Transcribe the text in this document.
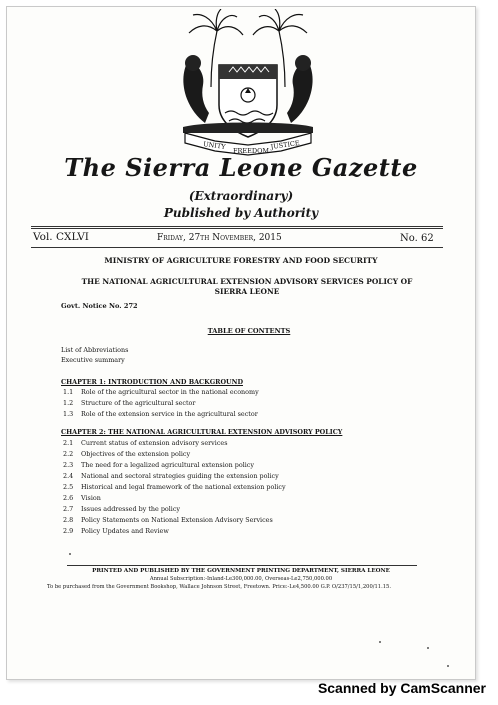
UNITY FREEDOM
JUSTICE
The Sierra Leone Gazette
(Extraordinary)
Published by Authority
Vol. CXLVI	Friday, 27th November, 2015	No. 62
MINISTRY OF AGRICULTURE FORESTRY AND FOOD SECURITY
THE NATIONAL AGRICULTURAL EXTENSION ADVISORY SERVICES POLICY OF
SIERRA LEONE
Govt. Notice No. 272
TABLE OF CONTENTS
List of Abbreviations
Executive summary
CHAPTER 1: INTRODUCTION AND BACKGROUND
1.1 Role of the agricultural sector in the national economy
1.2 Structure of the agricultural sector
1.3 Role of the extension service in the agricultural sector
CHAPTER 2: THE NATIONAL AGRICULTURAL EXTENSION ADVISORY POLICY
2.1 Current status of extension advisory services
2.2 Objectives of the extension policy
2.3 The need for a legalized agricultural extension policy
2.4 National and sectoral strategies guiding the extension policy
2.5 Historical and legal framework of the national extension policy
2.6 Vision
2.7 Issues addressed by the policy
2.8 Policy Statements on National Extension Advisory Services
2.9 Policy Updates and Review
PRINTED AND PUBLISHED BY THE GOVERNMENT PRINTING DEPARTMENT, SIERRA LEONE
Annual Subscription:-Inland-Le300,000.00, Overseas-Le2,750,000.00
To be purchased from the Government Bookshop, Wallace Johnson Street, Freetown. Price:-Le4,500.00 G.P. O/237/15/1,200/11.15.
Scanned by CamScanner
